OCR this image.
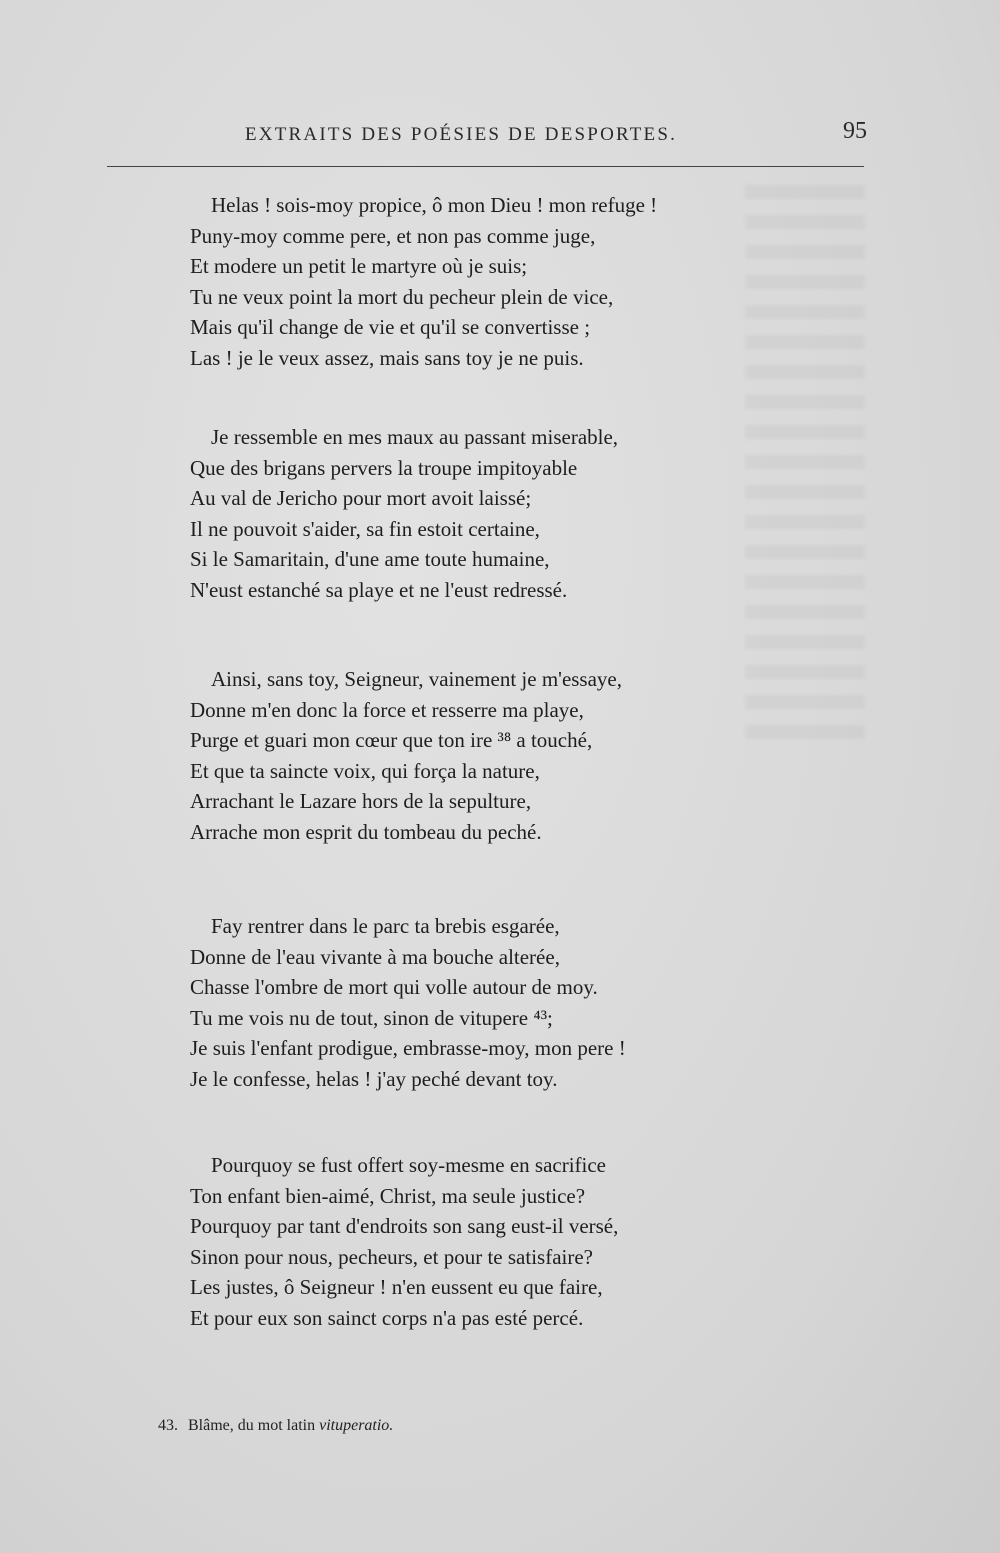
EXTRAITS DES POÉSIES DE DESPORTES.	95
Helas ! sois-moy propice, ô mon Dieu ! mon refuge !
Puny-moy comme pere, et non pas comme juge,
Et modere un petit le martyre où je suis;
Tu ne veux point la mort du pecheur plein de vice,
Mais qu'il change de vie et qu'il se convertisse ;
Las ! je le veux assez, mais sans toy je ne puis.
Je ressemble en mes maux au passant miserable,
Que des brigans pervers la troupe impitoyable
Au val de Jericho pour mort avoit laissé;
Il ne pouvoit s'aider, sa fin estoit certaine,
Si le Samaritain, d'une ame toute humaine,
N'eust estanché sa playe et ne l'eust redressé.
Ainsi, sans toy, Seigneur, vainement je m'essaye,
Donne m'en donc la force et resserre ma playe,
Purge et guari mon cœur que ton ire ³⁸ a touché,
Et que ta saincte voix, qui força la nature,
Arrachant le Lazare hors de la sepulture,
Arrache mon esprit du tombeau du peché.
Fay rentrer dans le parc ta brebis esgarée,
Donne de l'eau vivante à ma bouche alterée,
Chasse l'ombre de mort qui volle autour de moy.
Tu me vois nu de tout, sinon de vitupere ⁴³;
Je suis l'enfant prodigue, embrasse-moy, mon pere !
Je le confesse, helas ! j'ay peché devant toy.
Pourquoy se fust offert soy-mesme en sacrifice
Ton enfant bien-aimé, Christ, ma seule justice?
Pourquoy par tant d'endroits son sang eust-il versé,
Sinon pour nous, pecheurs, et pour te satisfaire?
Les justes, ô Seigneur ! n'en eussent eu que faire,
Et pour eux son sainct corps n'a pas esté percé.
43. Blâme, du mot latin vituperatio.
